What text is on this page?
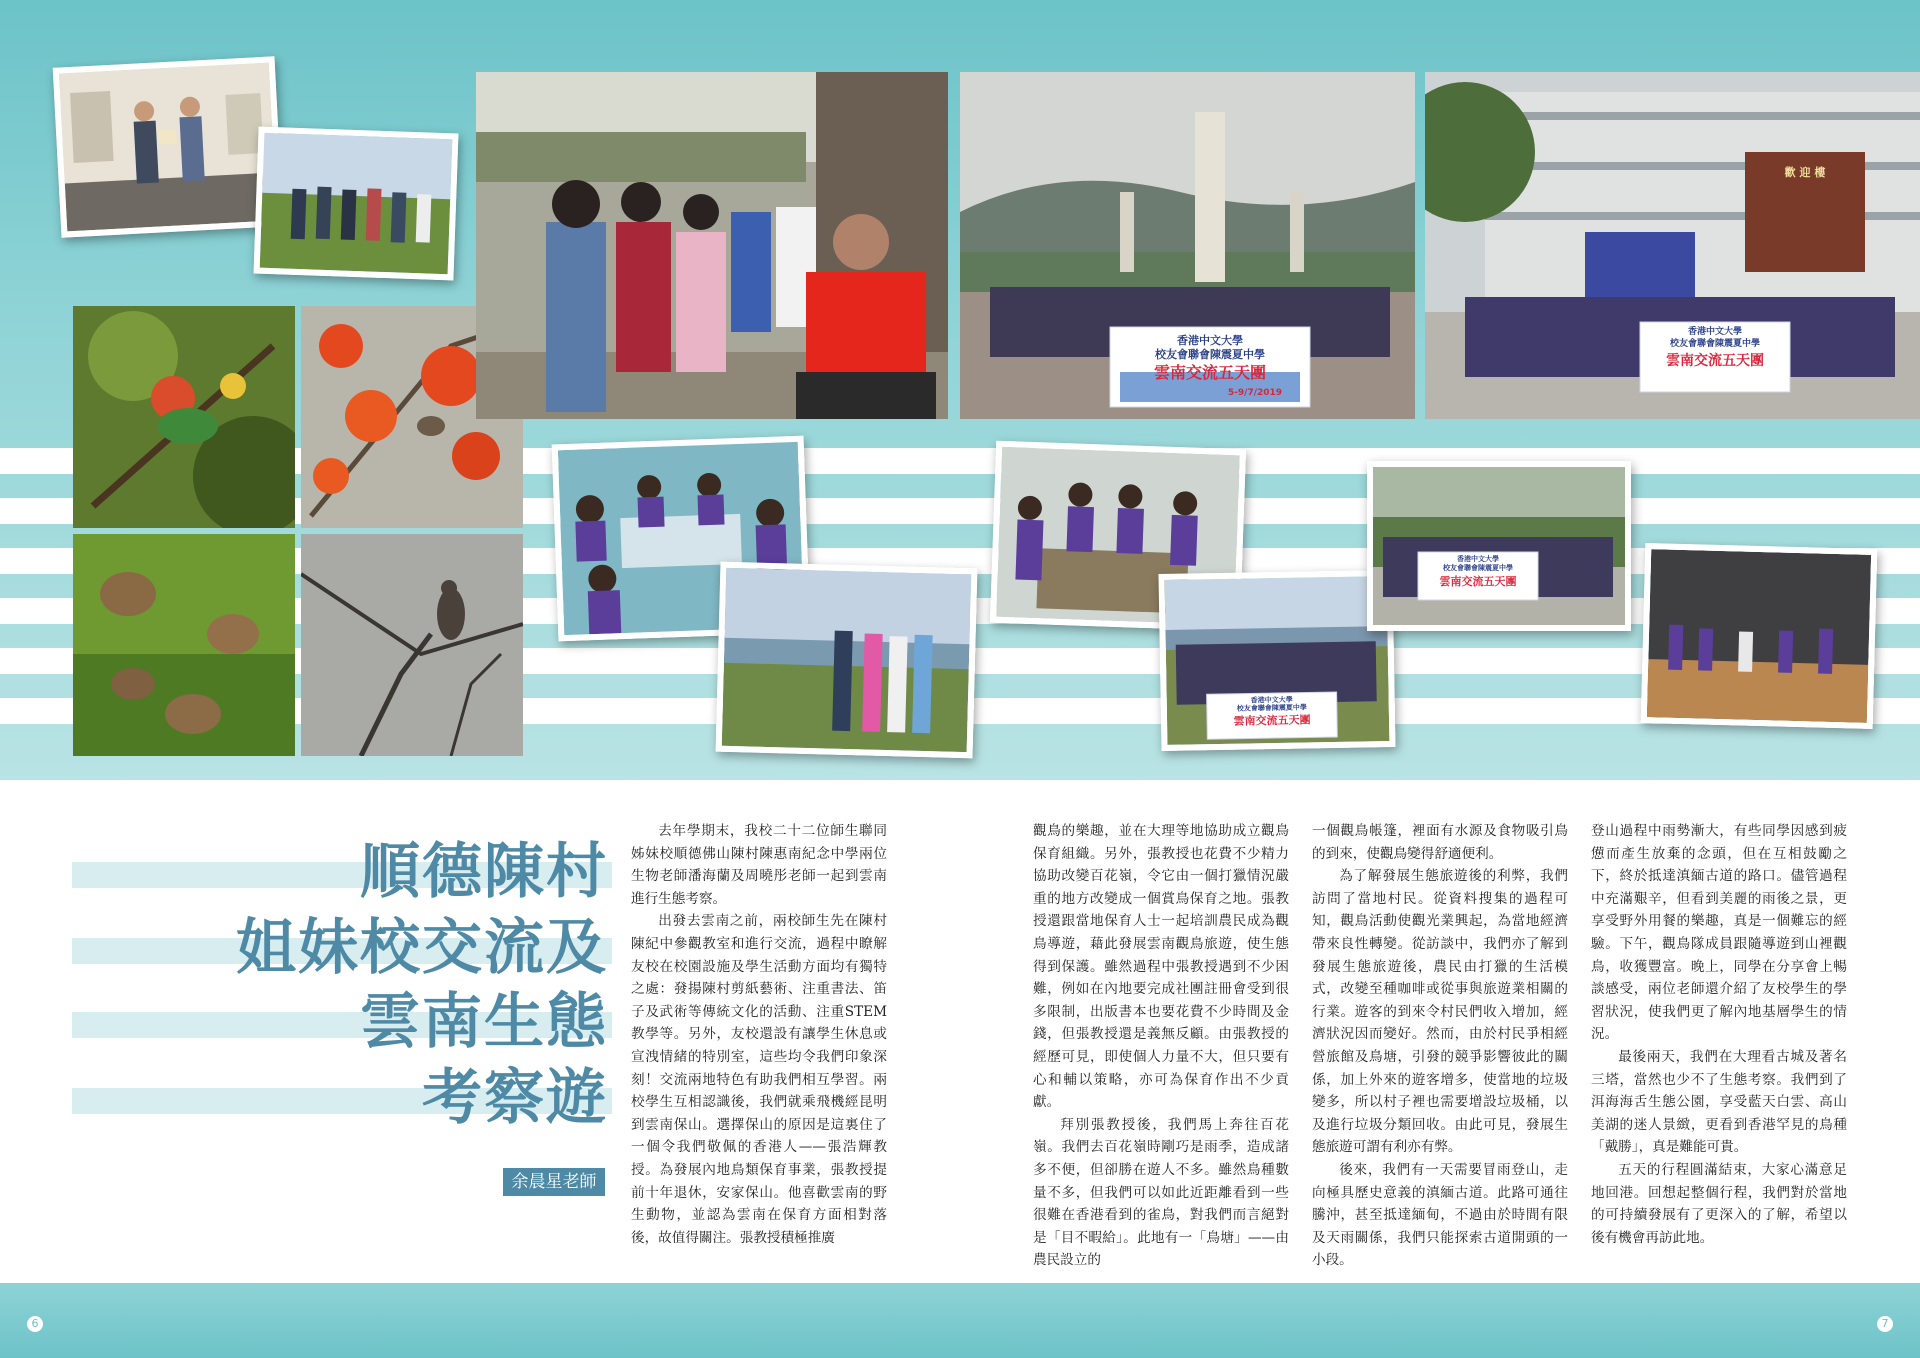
香港中文大學
校友會聯會陳震夏中學
雲南交流五天團
5-9/7/2019
歡 迎 樓
香港中文大學
校友會聯會陳震夏中學
雲南交流五天團
香港中文大學
校友會聯會陳震夏中學
雲南交流五天團
香港中文大學
校友會聯會陳震夏中學
雲南交流五天團
順德陳村
姐妹校交流及
雲南生態
考察遊
余晨星老師

去年學期末，我校二十二位師生聯同姊妹校順德佛山陳村陳惠南紀念中學兩位生物老師潘海蘭及周曉彤老師一起到雲南進行生態考察。

出發去雲南之前，兩校師生先在陳村陳紀中參觀教室和進行交流，過程中瞭解友校在校園設施及學生活動方面均有獨特之處：發揚陳村剪紙藝術、注重書法、笛子及武術等傳統文化的活動、注重STEM教學等。另外，友校還設有讓學生休息或宣洩情緒的特別室，這些均令我們印象深刻！交流兩地特色有助我們相互學習。兩校學生互相認識後，我們就乘飛機經昆明到雲南保山。選擇保山的原因是這裏住了一個令我們敬佩的香港人——張浩輝教授。為發展內地鳥類保育事業，張教授提前十年退休，安家保山。他喜歡雲南的野生動物，並認為雲南在保育方面相對落後，故值得關注。張教授積極推廣

觀鳥的樂趣，並在大理等地協助成立觀鳥保育組織。另外，張教授也花費不少精力協助改變百花嶺，令它由一個打獵情況嚴重的地方改變成一個賞鳥保育之地。張教授還跟當地保育人士一起培訓農民成為觀鳥導遊，藉此發展雲南觀鳥旅遊，使生態得到保護。雖然過程中張教授遇到不少困難，例如在內地要完成社團註冊會受到很多限制，出版書本也要花費不少時間及金錢，但張教授還是義無反顧。由張教授的經歷可見，即使個人力量不大，但只要有心和輔以策略，亦可為保育作出不少貢獻。

拜別張教授後，我們馬上奔往百花嶺。我們去百花嶺時剛巧是雨季，造成諸多不便，但卻勝在遊人不多。雖然鳥種數量不多，但我們可以如此近距離看到一些很難在香港看到的雀鳥，對我們而言絕對是「目不暇給」。此地有一「鳥塘」——由農民設立的

一個觀鳥帳篷，裡面有水源及食物吸引鳥的到來，使觀鳥變得舒適便利。

為了解發展生態旅遊後的利弊，我們訪問了當地村民。從資料搜集的過程可知，觀鳥活動使觀光業興起，為當地經濟帶來良性轉變。從訪談中，我們亦了解到發展生態旅遊後，農民由打獵的生活模式，改變至種咖啡或從事與旅遊業相關的行業。遊客的到來令村民們收入增加，經濟狀況因而變好。然而，由於村民爭相經營旅館及鳥塘，引發的競爭影響彼此的關係，加上外來的遊客增多，使當地的垃圾變多，所以村子裡也需要增設垃圾桶，以及進行垃圾分類回收。由此可見，發展生態旅遊可謂有利亦有弊。

後來，我們有一天需要冒雨登山，走向極具歷史意義的滇緬古道。此路可通往騰沖，甚至抵達緬甸，不過由於時間有限及天雨關係，我們只能探索古道開頭的一小段。

登山過程中雨勢漸大，有些同學因感到疲憊而產生放棄的念頭，但在互相鼓勵之下，終於抵達滇緬古道的路口。儘管過程中充滿艱辛，但看到美麗的雨後之景，更享受野外用餐的樂趣，真是一個難忘的經驗。下午，觀鳥隊成員跟隨導遊到山裡觀鳥，收獲豐富。晚上，同學在分享會上暢談感受，兩位老師還介紹了友校學生的學習狀況，使我們更了解內地基層學生的情況。

最後兩天，我們在大理看古城及著名三塔，當然也少不了生態考察。我們到了洱海海舌生態公園，享受藍天白雲、高山美湖的迷人景緻，更看到香港罕見的鳥種「戴勝」，真是難能可貴。

五天的行程圓滿結束，大家心滿意足地回港。回想起整個行程，我們對於當地的可持續發展有了更深入的了解，希望以後有機會再訪此地。

6	7
